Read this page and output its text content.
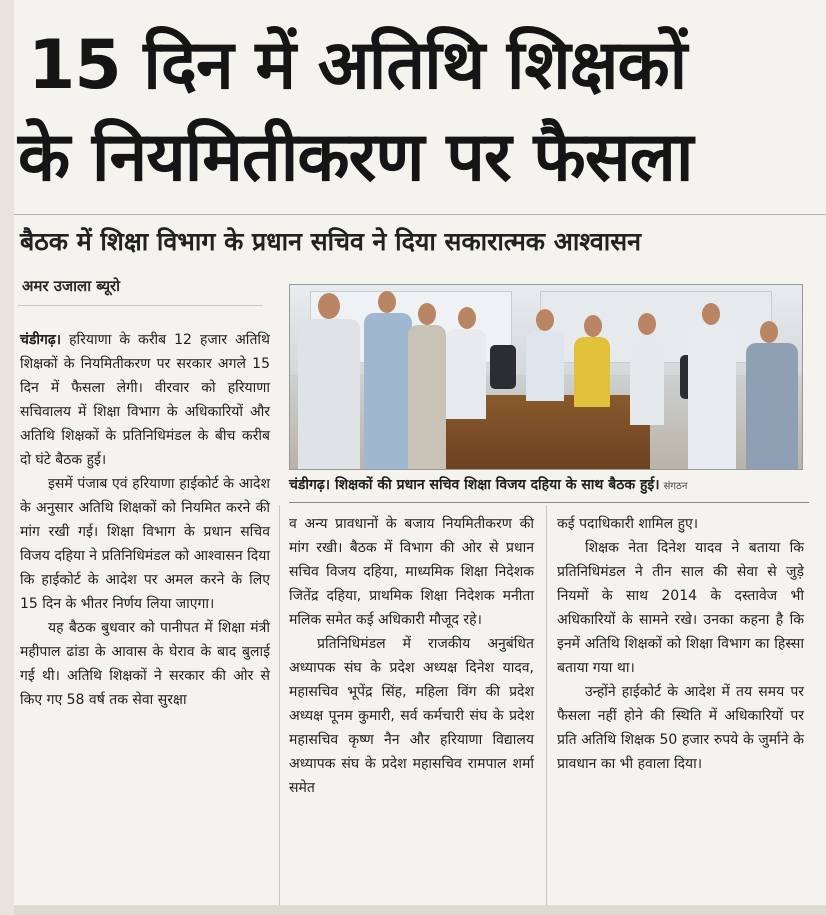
15 दिन में अतिथि शिक्षकों
के नियमितीकरण पर फैसला
बैठक में शिक्षा विभाग के प्रधान सचिव ने दिया सकारात्मक आश्वासन
अमर उजाला ब्यूरो
चंडीगढ़। शिक्षकों की प्रधान सचिव शिक्षा विजय दहिया के साथ बैठक हुई। संगठन

चंडीगढ़। हरियाणा के करीब 12 हजार अतिथि शिक्षकों के नियमितीकरण पर सरकार अगले 15 दिन में फैसला लेगी। वीरवार को हरियाणा सचिवालय में शिक्षा विभाग के अधिकारियों और अतिथि शिक्षकों के प्रतिनिधिमंडल के बीच करीब दो घंटे बैठक हुई।

इसमें पंजाब एवं हरियाणा हाईकोर्ट के आदेश के अनुसार अतिथि शिक्षकों को नियमित करने की मांग रखी गई। शिक्षा विभाग के प्रधान सचिव विजय दहिया ने प्रतिनिधिमंडल को आश्वासन दिया कि हाईकोर्ट के आदेश पर अमल करने के लिए 15 दिन के भीतर निर्णय लिया जाएगा।

यह बैठक बुधवार को पानीपत में शिक्षा मंत्री महीपाल ढांडा के आवास के घेराव के बाद बुलाई गई थी। अतिथि शिक्षकों ने सरकार की ओर से किए गए 58 वर्ष तक सेवा सुरक्षा

व अन्य प्रावधानों के बजाय नियमितीकरण की मांग रखी। बैठक में विभाग की ओर से प्रधान सचिव विजय दहिया, माध्यमिक शिक्षा निदेशक जितेंद्र दहिया, प्राथमिक शिक्षा निदेशक मनीता मलिक समेत कई अधिकारी मौजूद रहे।

प्रतिनिधिमंडल में राजकीय अनुबंधित अध्यापक संघ के प्रदेश अध्यक्ष दिनेश यादव, महासचिव भूपेंद्र सिंह, महिला विंग की प्रदेश अध्यक्ष पूनम कुमारी, सर्व कर्मचारी संघ के प्रदेश महासचिव कृष्ण नैन और हरियाणा विद्यालय अध्यापक संघ के प्रदेश महासचिव रामपाल शर्मा समेत

कई पदाधिकारी शामिल हुए।

शिक्षक नेता दिनेश यादव ने बताया कि प्रतिनिधिमंडल ने तीन साल की सेवा से जुड़े नियमों के साथ 2014 के दस्तावेज भी अधिकारियों के सामने रखे। उनका कहना है कि इनमें अतिथि शिक्षकों को शिक्षा विभाग का हिस्सा बताया गया था।

उन्होंने हाईकोर्ट के आदेश में तय समय पर फैसला नहीं होने की स्थिति में अधिकारियों पर प्रति अतिथि शिक्षक 50 हजार रुपये के जुर्माने के प्रावधान का भी हवाला दिया।
